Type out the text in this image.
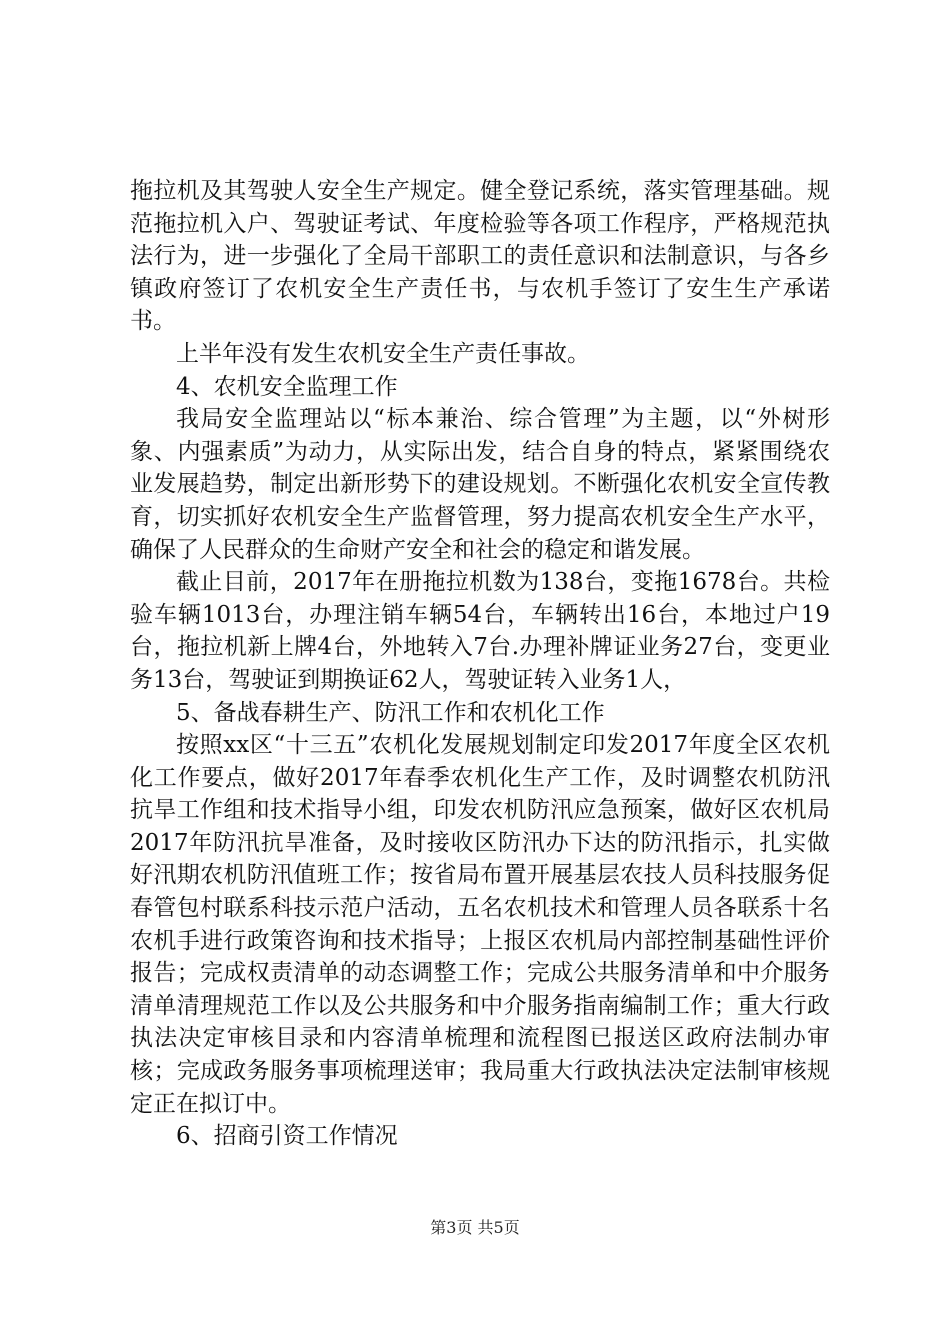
拖拉机及其驾驶人安全生产规定。健全登记系统，落实管理基础。规范拖拉机入户、驾驶证考试、年度检验等各项工作程序，严格规范执法行为，进一步强化了全局干部职工的责任意识和法制意识，与各乡镇政府签订了农机安全生产责任书，与农机手签订了安生生产承诺书。

上半年没有发生农机安全生产责任事故。

4、农机安全监理工作

我局安全监理站以“标本兼治、综合管理”为主题，以“外树形象、内强素质”为动力，从实际出发，结合自身的特点，紧紧围绕农业发展趋势，制定出新形势下的建设规划。不断强化农机安全宣传教育，切实抓好农机安全生产监督管理，努力提高农机安全生产水平，确保了人民群众的生命财产安全和社会的稳定和谐发展。

截止目前，2017年在册拖拉机数为138台，变拖1678台。共检验车辆1013台，办理注销车辆54台，车辆转出16台，本地过户19台，拖拉机新上牌4台，外地转入7台.办理补牌证业务27台，变更业务13台，驾驶证到期换证62人，驾驶证转入业务1人，

5、备战春耕生产、防汛工作和农机化工作

按照xx区“十三五”农机化发展规划制定印发2017年度全区农机化工作要点，做好2017年春季农机化生产工作，及时调整农机防汛抗旱工作组和技术指导小组，印发农机防汛应急预案，做好区农机局2017年防汛抗旱准备，及时接收区防汛办下达的防汛指示，扎实做好汛期农机防汛值班工作；按省局布置开展基层农技人员科技服务促春管包村联系科技示范户活动，五名农机技术和管理人员各联系十名农机手进行政策咨询和技术指导；上报区农机局内部控制基础性评价报告；完成权责清单的动态调整工作；完成公共服务清单和中介服务清单清理规范工作以及公共服务和中介服务指南编制工作；重大行政执法决定审核目录和内容清单梳理和流程图已报送区政府法制办审核；完成政务服务事项梳理送审；我局重大行政执法决定法制审核规定正在拟订中。

6、招商引资工作情况

第3页 共5页
